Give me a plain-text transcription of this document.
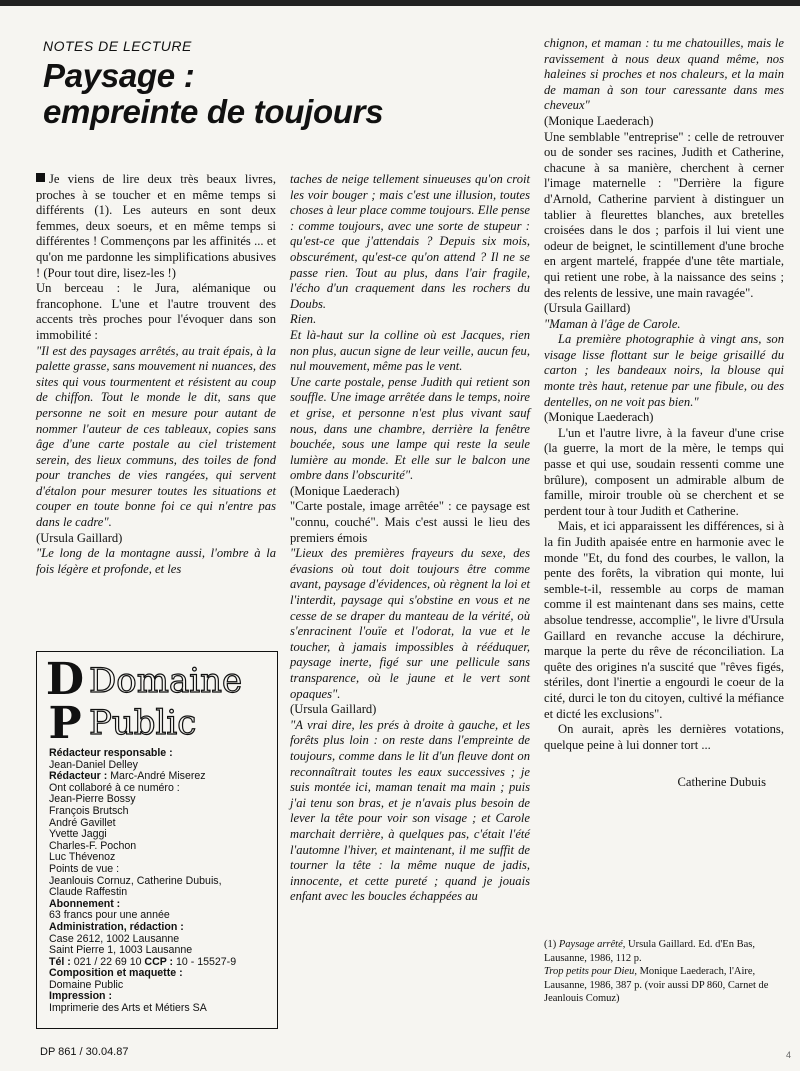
NOTES DE LECTURE
Paysage :
empreinte de toujours

Je viens de lire deux très beaux livres, proches à se toucher et en même temps si différents (1). Les auteurs en sont deux femmes, deux soeurs, et en même temps si différentes ! Commençons par les affinités ... et qu'on me pardonne les simplifications abusives ! (Pour tout dire, lisez-les !)

Un berceau : le Jura, alémanique ou francophone. L'une et l'autre trouvent des accents très proches pour l'évoquer dans son immobilité :

"Il est des paysages arrêtés, au trait épais, à la palette grasse, sans mouvement ni nuances, des sites qui vous tourmentent et résistent au coup de chiffon. Tout le monde le dit, sans que personne ne soit en mesure pour autant de nommer l'auteur de ces tableaux, copies sans âge d'une carte postale au ciel tristement serein, des lieux communs, des toiles de fond pour tranches de vies rangées, qui servent d'étalon pour mesurer toutes les situations et couper en toute bonne foi ce qui n'entre pas dans le cadre".

(Ursula Gaillard)

"Le long de la montagne aussi, l'ombre à la fois légère et profonde, et les

taches de neige tellement sinueuses qu'on croit les voir bouger ; mais c'est une illusion, toutes choses à leur place comme toujours. Elle pense : comme toujours, avec une sorte de stupeur : qu'est-ce que j'attendais ? Depuis six mois, obscurément, qu'est-ce qu'on attend ? Il ne se passe rien. Tout au plus, dans l'air fragile, l'écho d'un craquement dans les rochers du Doubs.

Rien.

Et là-haut sur la colline où est Jacques, rien non plus, aucun signe de leur veille, aucun feu, nul mouvement, même pas le vent.

Une carte postale, pense Judith qui retient son souffle. Une image arrêtée dans le temps, noire et grise, et personne n'est plus vivant sauf nous, dans une chambre, derrière la fenêtre bouchée, sous une lampe qui reste la seule lumière au monde. Et elle sur le balcon une ombre dans l'obscurité".

(Monique Laederach)

"Carte postale, image arrêtée" : ce paysage est "connu, couché". Mais c'est aussi le lieu des premiers émois

"Lieux des premières frayeurs du sexe, des évasions où tout doit toujours être comme avant, paysage d'évidences, où règnent la loi et l'interdit, paysage qui s'obstine en vous et ne cesse de se draper du manteau de la vérité, où s'enracinent l'ouïe et l'odorat, la vue et le toucher, à jamais impossibles à rééduquer, paysage inerte, figé sur une pellicule sans transparence, où le jaune et le vert sont opaques".

(Ursula Gaillard)

"A vrai dire, les prés à droite à gauche, et les forêts plus loin : on reste dans l'empreinte de toujours, comme dans le lit d'un fleuve dont on reconnaîtrait toutes les eaux successives ; je suis montée ici, maman tenait ma main ; puis j'ai tenu son bras, et je n'avais plus besoin de lever la tête pour voir son visage ; et Carole marchait derrière, à quelques pas, c'était l'été l'automne l'hiver, et maintenant, il me suffit de tourner la tête : la même nuque de jadis, innocente, et cette pureté ; quand je jouais enfant avec les boucles échappées au

chignon, et maman : tu me chatouilles, mais le ravissement à nous deux quand même, nos haleines si proches et nos chaleurs, et la main de maman à son tour caressante dans mes cheveux"

(Monique Laederach)

Une semblable "entreprise" : celle de retrouver ou de sonder ses racines, Judith et Catherine, chacune à sa manière, cherchent à cerner l'image maternelle : "Derrière la figure d'Arnold, Catherine parvient à distinguer un tablier à fleurettes blanches, aux bretelles croisées dans le dos ; parfois il lui vient une odeur de beignet, le scintillement d'une broche en argent martelé, frappée d'une tête martiale, qui retient une robe, à la naissance des seins ; des relents de lessive, une main ravagée".

(Ursula Gaillard)

"Maman à l'âge de Carole.

La première photographie à vingt ans, son visage lisse flottant sur le beige grisaillé du carton ; les bandeaux noirs, la blouse qui monte très haut, retenue par une fibule, ou des dentelles, on ne voit pas bien."

(Monique Laederach)

L'un et l'autre livre, à la faveur d'une crise (la guerre, la mort de la mère, le temps qui passe et qui use, soudain ressenti comme une brûlure), composent un admirable album de famille, miroir trouble où se cherchent et se perdent tour à tour Judith et Catherine.

Mais, et ici apparaissent les différences, si à la fin Judith apaisée entre en harmonie avec le monde "Et, du fond des courbes, le vallon, la pente des forêts, la vibration qui monte, lui semble-t-il, ressemble au corps de maman comme il est maintenant dans ses mains, cette absolue tendresse, accomplie", le livre d'Ursula Gaillard en revanche accuse la déchirure, marque la perte du rêve de réconciliation. La quête des origines n'a suscité que "rêves figés, stériles, dont l'inertie a engourdi le coeur de la cité, durci le ton du citoyen, cultivé la méfiance et dicté les exclusions".

On aurait, après les dernières votations, quelque peine à lui donner tort ...

Catherine Dubuis

(1) Paysage arrêté, Ursula Gaillard. Ed. d'En Bas, Lausanne, 1986, 112 p.

Trop petits pour Dieu, Monique Laederach, l'Aire, Lausanne, 1986, 387 p. (voir aussi DP 860, Carnet de Jeanlouis Comuz)

D
P
Domaine
Public
Rédacteur responsable :
Jean-Daniel Delley
Rédacteur : Marc-André Miserez
Ont collaboré à ce numéro :
Jean-Pierre Bossy
François Brutsch
André Gavillet
Yvette Jaggi
Charles-F. Pochon
Luc Thévenoz
Points de vue :
Jeanlouis Cornuz, Catherine Dubuis,
Claude Raffestin
Abonnement :
63 francs pour une année
Administration, rédaction :
Case 2612, 1002 Lausanne
Saint Pierre 1, 1003 Lausanne
Tél : 021 / 22 69 10 CCP : 10 - 15527-9
Composition et maquette :
Domaine Public
Impression :
Imprimerie des Arts et Métiers SA
DP 861 / 30.04.87	4
